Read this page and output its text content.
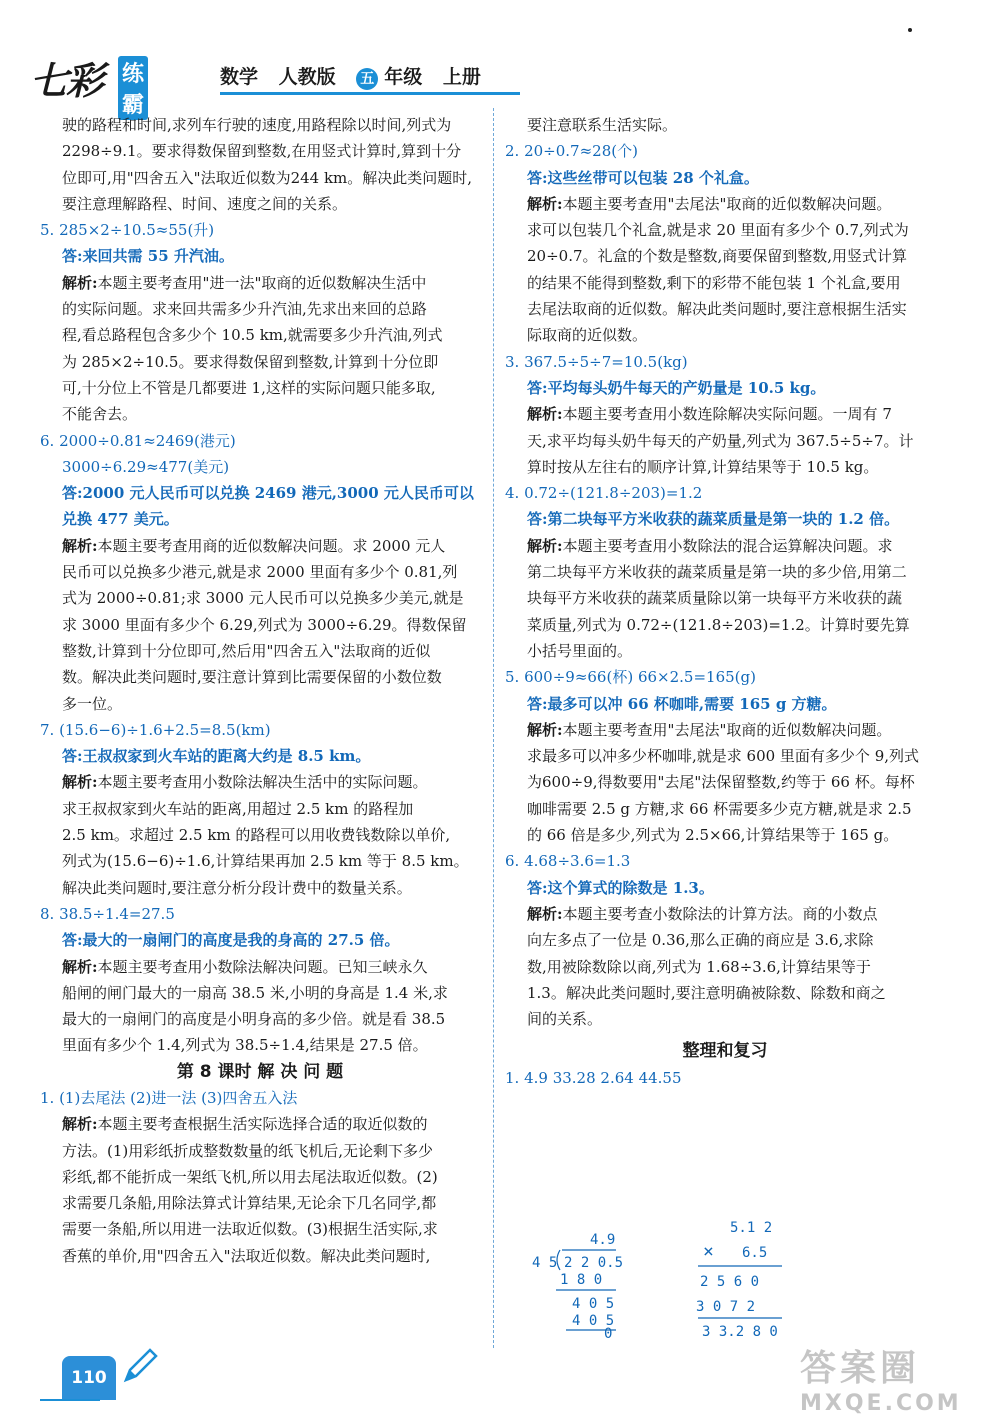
七彩 练霸
数学 人教版 五 年级 上册

驶的路程和时间,求列车行驶的速度,用路程除以时间,列式为

2298÷9.1。要求得数保留到整数,在用竖式计算时,算到十分

位即可,用"四舍五入"法取近似数为244 km。解决此类问题时,

要注意理解路程、时间、速度之间的关系。

5. 285×2÷10.5≈55(升)

答:来回共需 55 升汽油。

解析:本题主要考查用"进一法"取商的近似数解决生活中

的实际问题。求来回共需多少升汽油,先求出来回的总路

程,看总路程包含多少个 10.5 km,就需要多少升汽油,列式

为 285×2÷10.5。要求得数保留到整数,计算到十分位即

可,十分位上不管是几都要进 1,这样的实际问题只能多取,

不能舍去。

6. 2000÷0.81≈2469(港元)

3000÷6.29≈477(美元)

答:2000 元人民币可以兑换 2469 港元,3000 元人民币可以

兑换 477 美元。

解析:本题主要考查用商的近似数解决问题。求 2000 元人

民币可以兑换多少港元,就是求 2000 里面有多少个 0.81,列

式为 2000÷0.81;求 3000 元人民币可以兑换多少美元,就是

求 3000 里面有多少个 6.29,列式为 3000÷6.29。得数保留

整数,计算到十分位即可,然后用"四舍五入"法取商的近似

数。解决此类问题时,要注意计算到比需要保留的小数位数

多一位。

7. (15.6−6)÷1.6+2.5=8.5(km)

答:王叔叔家到火车站的距离大约是 8.5 km。

解析:本题主要考查用小数除法解决生活中的实际问题。

求王叔叔家到火车站的距离,用超过 2.5 km 的路程加

2.5 km。求超过 2.5 km 的路程可以用收费钱数除以单价,

列式为(15.6−6)÷1.6,计算结果再加 2.5 km 等于 8.5 km。

解决此类问题时,要注意分析分段计费中的数量关系。

8. 38.5÷1.4=27.5

答:最大的一扇闸门的高度是我的身高的 27.5 倍。

解析:本题主要考查用小数除法解决问题。已知三峡永久

船闸的闸门最大的一扇高 38.5 米,小明的身高是 1.4 米,求

最大的一扇闸门的高度是小明身高的多少倍。就是看 38.5

里面有多少个 1.4,列式为 38.5÷1.4,结果是 27.5 倍。

第 8 课时 解 决 问 题

1. (1)去尾法 (2)进一法 (3)四舍五入法

解析:本题主要考查根据生活实际选择合适的取近似数的

方法。(1)用彩纸折成整数数量的纸飞机后,无论剩下多少

彩纸,都不能折成一架纸飞机,所以用去尾法取近似数。(2)

求需要几条船,用除法算式计算结果,无论余下几名同学,都

需要一条船,所以用进一法取近似数。(3)根据生活实际,求

香蕉的单价,用"四舍五入"法取近似数。解决此类问题时,

要注意联系生活实际。

2. 20÷0.7≈28(个)

答:这些丝带可以包装 28 个礼盒。

解析:本题主要考查用"去尾法"取商的近似数解决问题。

求可以包装几个礼盒,就是求 20 里面有多少个 0.7,列式为

20÷0.7。礼盒的个数是整数,商要保留到整数,用竖式计算

的结果不能得到整数,剩下的彩带不能包装 1 个礼盒,要用

去尾法取商的近似数。解决此类问题时,要注意根据生活实

际取商的近似数。

3. 367.5÷5÷7=10.5(kg)

答:平均每头奶牛每天的产奶量是 10.5 kg。

解析:本题主要考查用小数连除解决实际问题。一周有 7

天,求平均每头奶牛每天的产奶量,列式为 367.5÷5÷7。计

算时按从左往右的顺序计算,计算结果等于 10.5 kg。

4. 0.72÷(121.8÷203)=1.2

答:第二块每平方米收获的蔬菜质量是第一块的 1.2 倍。

解析:本题主要考查用小数除法的混合运算解决问题。求

第二块每平方米收获的蔬菜质量是第一块的多少倍,用第二

块每平方米收获的蔬菜质量除以第一块每平方米收获的蔬

菜质量,列式为 0.72÷(121.8÷203)=1.2。计算时要先算

小括号里面的。

5. 600÷9≈66(杯) 66×2.5=165(g)

答:最多可以冲 66 杯咖啡,需要 165 g 方糖。

解析:本题主要考查用"去尾法"取商的近似数解决问题。

求最多可以冲多少杯咖啡,就是求 600 里面有多少个 9,列式

为600÷9,得数要用"去尾"法保留整数,约等于 66 杯。每杯

咖啡需要 2.5 g 方糖,求 66 杯需要多少克方糖,就是求 2.5

的 66 倍是多少,列式为 2.5×66,计算结果等于 165 g。

6. 4.68÷3.6=1.3

答:这个算式的除数是 1.3。

解析:本题主要考查小数除法的计算方法。商的小数点

向左多点了一位是 0.36,那么正确的商应是 3.6,求除

数,用被除数除以商,列式为 1.68÷3.6,计算结果等于

1.3。解决此类问题时,要注意明确被除数、除数和商之

间的关系。

整理和复习

1. 4.9 33.28 2.64 44.55

4.9
4 5 2 2 0.5
1 8 0
4 0 5
4 0 5
0
5.1 2
× 6.5
2 5 6 0
3 0 7 2
3 3.2 8 0
110	答案圈
MXQE.COM
